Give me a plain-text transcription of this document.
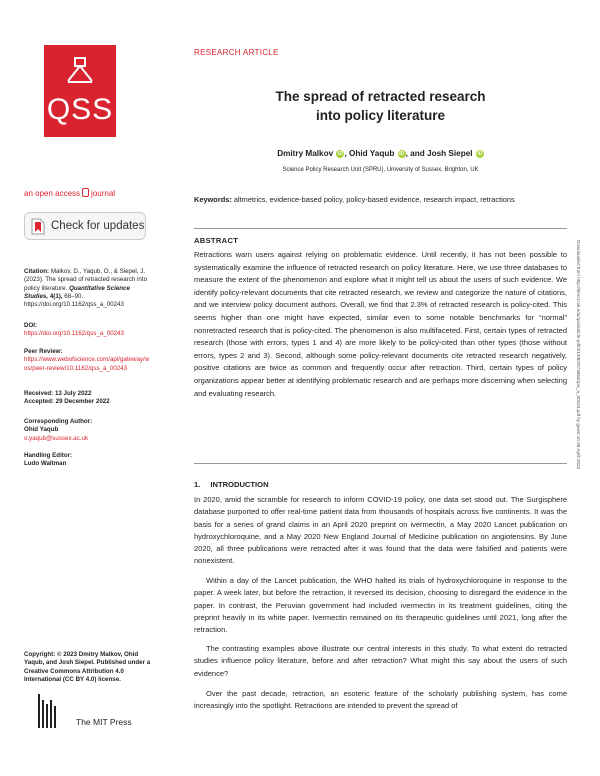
QSS
an open access journal
Check for updates
Citation: Malkov, D., Yaqub, O., & Siepel, J. (2023). The spread of retracted research into policy literature. Quantitative Science Studies, 4(1), 68–90. https://doi.org/10.1162/qss_a_00243
DOI:
https://doi.org/10.1162/qss_a_00243
Peer Review:
https://www.webofscience.com/api/gateway/wos/peer-review/10.1162/qss_a_00243
Received: 13 July 2022
Accepted: 29 December 2022
Corresponding Author:
Ohid Yaqub
o.yaqub@sussex.ac.uk
Handling Editor:
Ludo Waltman
Copyright: © 2023 Dmitry Malkov, Ohid Yaqub, and Josh Siepel. Published under a Creative Commons Attribution 4.0 International (CC BY 4.0) license.
The MIT Press
RESEARCH ARTICLE
The spread of retracted research
into policy literature
Dmitry Malkov iD , Ohid Yaqub iD , and Josh Siepel iD
Science Policy Research Unit (SPRU), University of Sussex, Brighton, UK
Keywords: altmetrics, evidence-based policy, policy-based evidence, research impact, retractions
ABSTRACT
Retractions warn users against relying on problematic evidence. Until recently, it has not been possible to systematically examine the influence of retracted research on policy literature. Here, we use three databases to measure the extent of the phenomenon and explore what it might tell us about the users of such evidence. We identify policy-relevant documents that cite retracted research, we review and categorize the nature of citations, and we interview policy document authors. Overall, we find that 2.3% of retracted research is policy-cited. This seems higher than one might have expected, similar even to some notable benchmarks for “normal” nonretracted research that is policy-cited. The phenomenon is also multifaceted. First, certain types of retracted research (those with errors, types 1 and 4) are more likely to be policy-cited than other types (those without errors, types 2 and 3). Second, although some policy-relevant documents cite retracted research negatively, positive citations are twice as common and frequently occur after retraction. Third, certain types of policy organizations appear better at identifying problematic research and are perhaps more discerning when selecting and evaluating research.
1. INTRODUCTION
In 2020, amid the scramble for research to inform COVID-19 policy, one data set stood out. The Surgisphere database purported to offer real-time patient data from thousands of hospitals across five continents. It was the basis for a series of grand claims in an April 2020 preprint on ivermectin, a May 2020 Lancet publication on hydroxychloroquine, and a May 2020 New England Journal of Medicine publication on angiotensins. By June 2020, all three publications were retracted after it was found that the data were falsified and patients were nonexistent.
Within a day of the Lancet publication, the WHO halted its trials of hydroxychloroquine in response to the paper. A week later, but before the retraction, it reversed its decision, choosing to disregard the evidence in the paper. In contrast, the Peruvian government had included ivermectin in its treatment guidelines, citing the preprint heavily in its white paper. Ivermectin remained on its therapeutic guidelines until 2021, long after the retraction.
The contrasting examples above illustrate our central interests in this study. To what extent do retracted studies influence policy literature, before and after retraction? What might this say about the users of such evidence?
Over the past decade, retraction, an esoteric feature of the scholarly publishing system, has come increasingly into the spotlight. Retractions are intended to prevent the spread of
Downloaded from http://direct.mit.edu/qss/article-pdf/4/1/68/2073964/qss_a_00243.pdf by guest on 08 April 2023
